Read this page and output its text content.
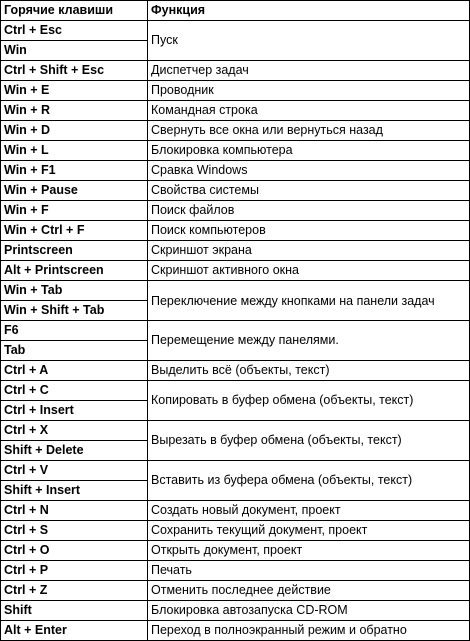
Горячие клавиши	Функция
Ctrl + Esc	Пуск
Win	
Ctrl + Shift + Esc	Диспетчер задач
Win + E	Проводник
Win + R	Командная строка
Win + D	Свернуть все окна или вернуться назад
Win + L	Блокировка компьютера
Win + F1	Сравка Windows
Win + Pause	Свойства системы
Win + F	Поиск файлов
Win + Ctrl + F	Поиск компьютеров
Printscreen	Скриншот экрана
Alt + Printscreen	Скриншот активного окна
Win + Tab	Переключение между кнопками на панели задач
Win + Shift + Tab	
F6	Перемещение между панелями.
Tab	
Ctrl + A	Выделить всё (объекты, текст)
Ctrl + C	Копировать в буфер обмена (объекты, текст)
Ctrl + Insert	
Ctrl + X	Вырезать в буфер обмена (объекты, текст)
Shift + Delete	
Ctrl + V	Вставить из буфера обмена (объекты, текст)
Shift + Insert	
Ctrl + N	Создать новый документ, проект
Ctrl + S	Сохранить текущий документ, проект
Ctrl + O	Открыть документ, проект
Ctrl + P	Печать
Ctrl + Z	Отменить последнее действие
Shift	Блокировка автозапуска CD-ROM
Alt + Enter	Переход в полноэкранный режим и обратно
